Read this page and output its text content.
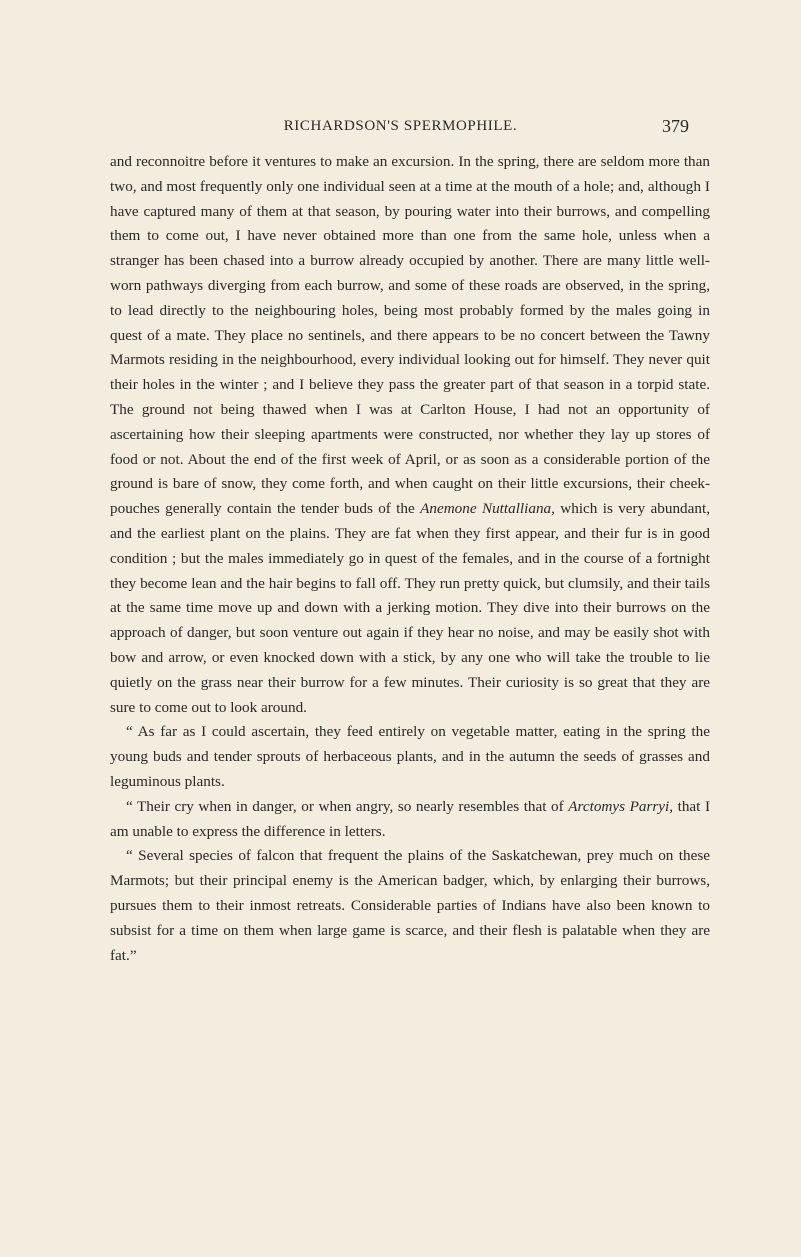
RICHARDSON'S SPERMOPHILE.	379

and reconnoitre before it ventures to make an excursion. In the spring, there are seldom more than two, and most frequently only one individual seen at a time at the mouth of a hole; and, although I have captured many of them at that season, by pouring water into their burrows, and compelling them to come out, I have never obtained more than one from the same hole, unless when a stranger has been chased into a burrow already occupied by another. There are many little well-worn pathways diverging from each burrow, and some of these roads are observed, in the spring, to lead directly to the neighbouring holes, being most probably formed by the males going in quest of a mate. They place no sentinels, and there appears to be no concert between the Tawny Marmots residing in the neighbourhood, every individual looking out for himself. They never quit their holes in the winter ; and I believe they pass the greater part of that season in a torpid state. The ground not being thawed when I was at Carlton House, I had not an opportunity of ascertaining how their sleeping apartments were constructed, nor whether they lay up stores of food or not. About the end of the first week of April, or as soon as a considerable portion of the ground is bare of snow, they come forth, and when caught on their little excursions, their cheek-pouches generally contain the tender buds of the Anemone Nuttalliana, which is very abundant, and the earliest plant on the plains. They are fat when they first appear, and their fur is in good condition ; but the males immediately go in quest of the females, and in the course of a fortnight they become lean and the hair begins to fall off. They run pretty quick, but clumsily, and their tails at the same time move up and down with a jerking motion. They dive into their burrows on the approach of danger, but soon venture out again if they hear no noise, and may be easily shot with bow and arrow, or even knocked down with a stick, by any one who will take the trouble to lie quietly on the grass near their burrow for a few minutes. Their curiosity is so great that they are sure to come out to look around.

“ As far as I could ascertain, they feed entirely on vegetable matter, eating in the spring the young buds and tender sprouts of herbaceous plants, and in the autumn the seeds of grasses and leguminous plants.

“ Their cry when in danger, or when angry, so nearly resembles that of Arctomys Parryi, that I am unable to express the difference in letters.

“ Several species of falcon that frequent the plains of the Saskatchewan, prey much on these Marmots; but their principal enemy is the American badger, which, by enlarging their burrows, pursues them to their inmost retreats. Considerable parties of Indians have also been known to subsist for a time on them when large game is scarce, and their flesh is palatable when they are fat.”
